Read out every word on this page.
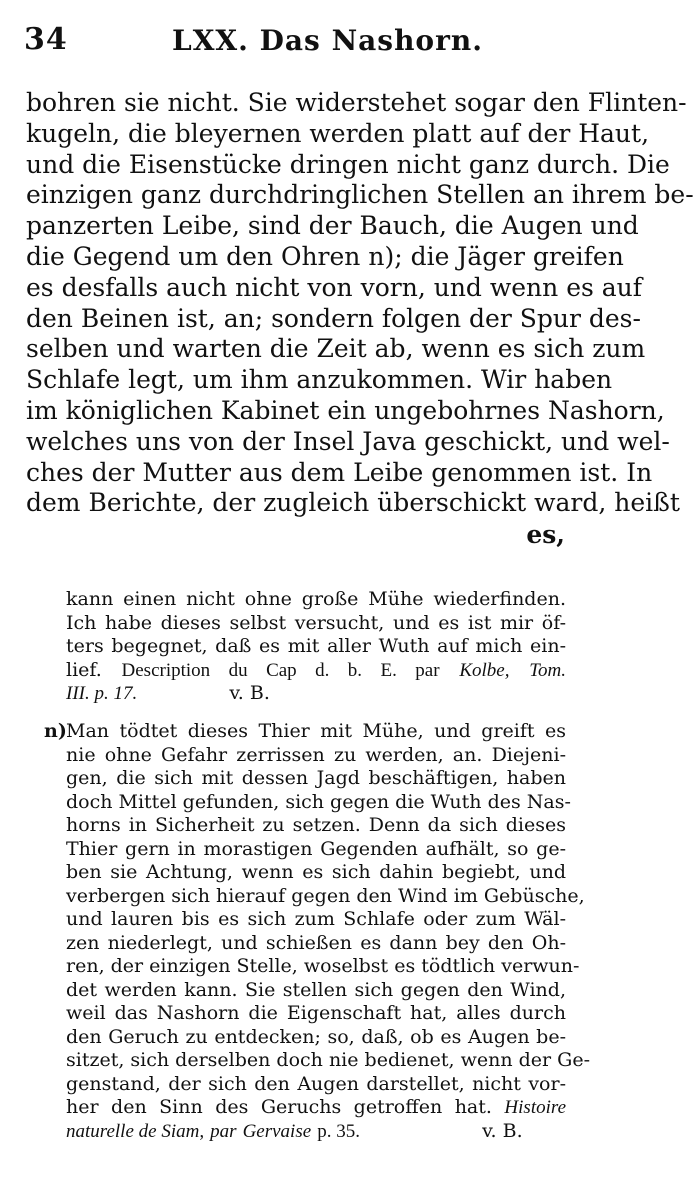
34	LXX. Das Nashorn.
bohren sie nicht. Sie widerstehet sogar den Flinten-
kugeln, die bleyernen werden platt auf der Haut,
und die Eisenstücke dringen nicht ganz durch. Die
einzigen ganz durchdringlichen Stellen an ihrem be-
panzerten Leibe, sind der Bauch, die Augen und
die Gegend um den Ohren n); die Jäger greifen
es desfalls auch nicht von vorn, und wenn es auf
den Beinen ist, an; sondern folgen der Spur des-
selben und warten die Zeit ab, wenn es sich zum
Schlafe legt, um ihm anzukommen. Wir haben
im königlichen Kabinet ein ungebohrnes Nashorn,
welches uns von der Insel Java geschickt, und wel-
ches der Mutter aus dem Leibe genommen ist. In
dem Berichte, der zugleich überschickt ward, heißt
es,
kann einen nicht ohne große Mühe wiederfinden.
Ich habe dieses selbst versucht, und es ist mir öf-
ters begegnet, daß es mit aller Wuth auf mich ein-
lief. Description du Cap d. b. E. par Kolbe, Tom.
III. p. 17.	v. B.
n) Man tödtet dieses Thier mit Mühe, und greift es
nie ohne Gefahr zerrissen zu werden, an. Diejeni-
gen, die sich mit dessen Jagd beschäftigen, haben
doch Mittel gefunden, sich gegen die Wuth des Nas-
horns in Sicherheit zu setzen. Denn da sich dieses
Thier gern in morastigen Gegenden aufhält, so ge-
ben sie Achtung, wenn es sich dahin begiebt, und
verbergen sich hierauf gegen den Wind im Gebüsche,
und lauren bis es sich zum Schlafe oder zum Wäl-
zen niederlegt, und schießen es dann bey den Oh-
ren, der einzigen Stelle, woselbst es tödtlich verwun-
det werden kann. Sie stellen sich gegen den Wind,
weil das Nashorn die Eigenschaft hat, alles durch
den Geruch zu entdecken; so, daß, ob es Augen be-
sitzet, sich derselben doch nie bedienet, wenn der Ge-
genstand, der sich den Augen darstellet, nicht vor-
her den Sinn des Geruchs getroffen hat. Histoire
naturelle de Siam, par Gervaise p. 35.	v. B.
